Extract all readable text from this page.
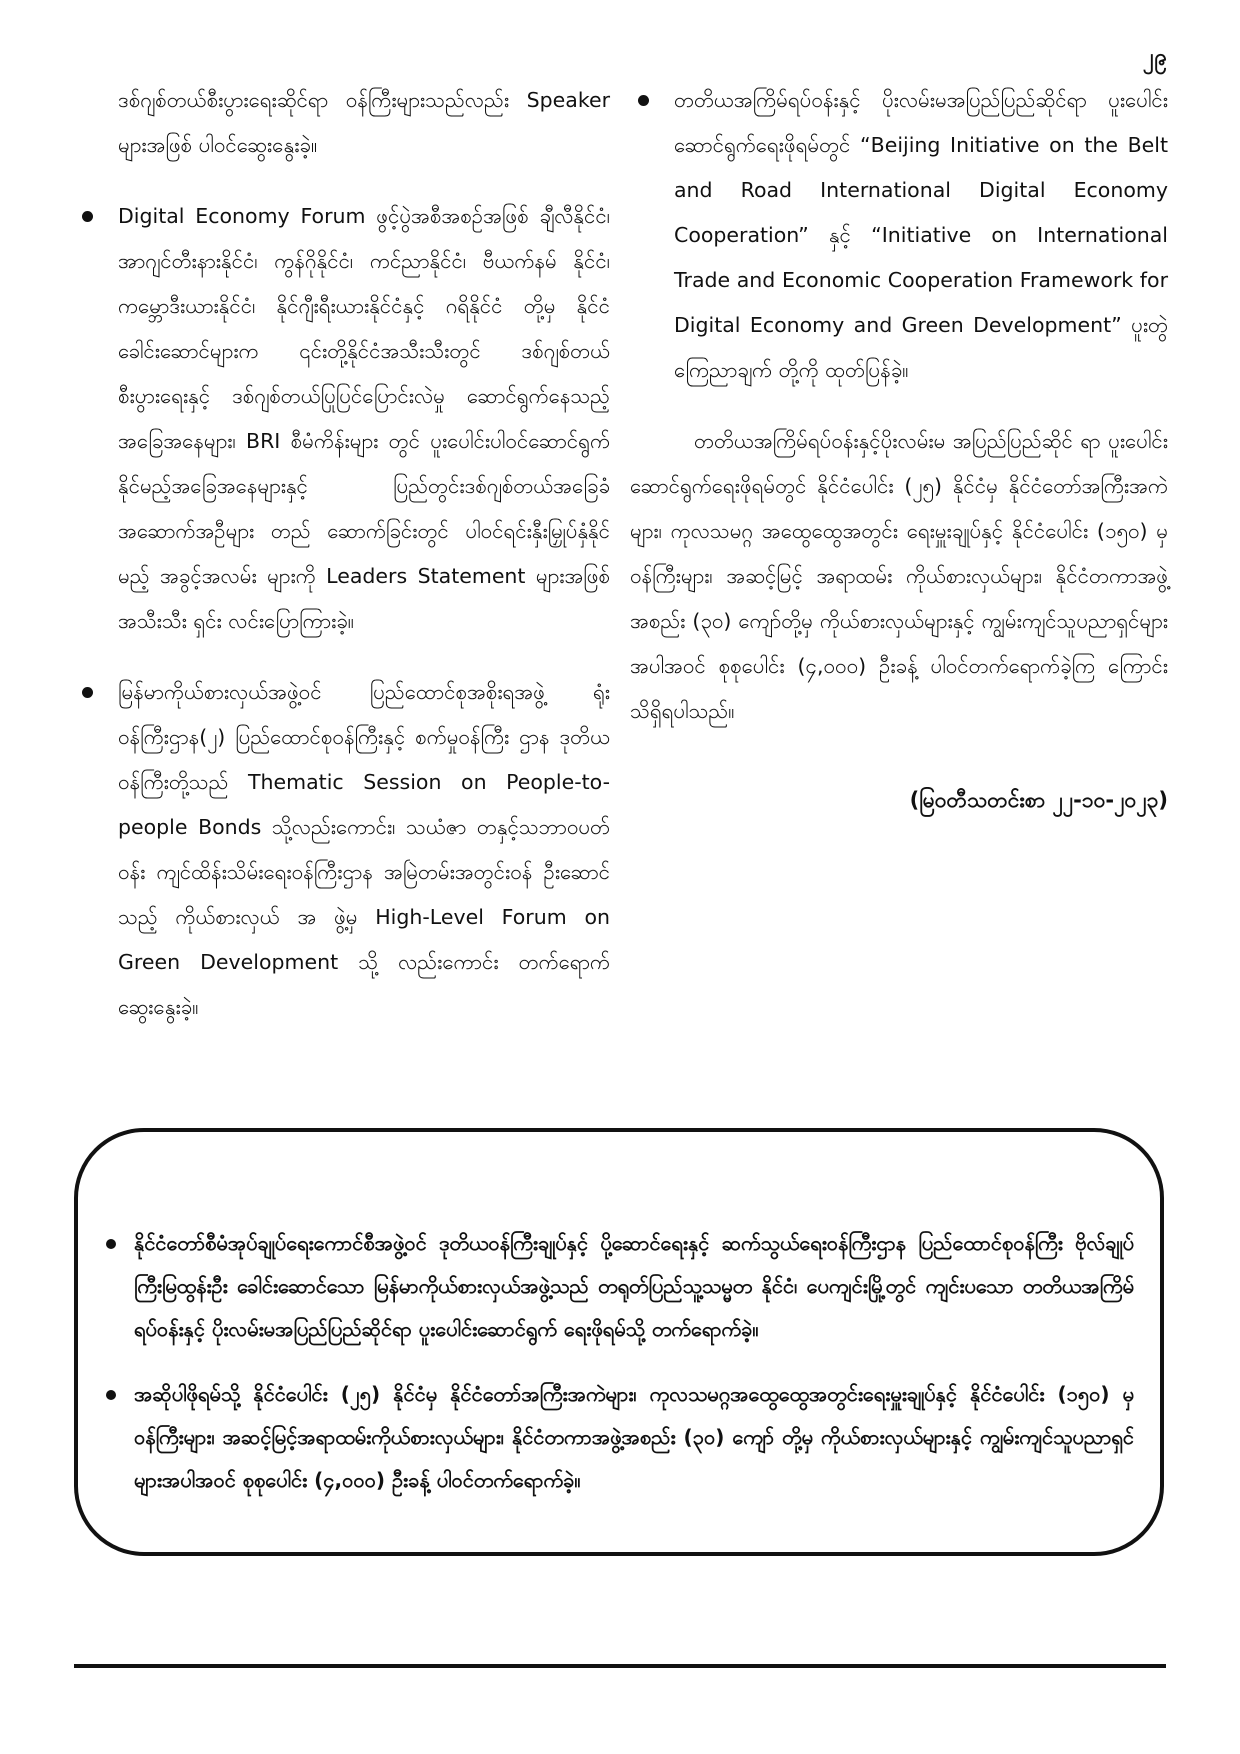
၂၉

ဒစ်ဂျစ်တယ်စီးပွားရေးဆိုင်ရာ ဝန်ကြီးများသည်လည်း Speaker များအဖြစ် ပါဝင်ဆွေးနွေးခဲ့။

Digital Economy Forum ဖွင့်ပွဲအစီအစဉ်အဖြစ် ချီလီနိုင်ငံ၊ အာဂျင်တီးနားနိုင်ငံ၊ ကွန်ဂိုနိုင်ငံ၊ ကင်ညာနိုင်ငံ၊ ဗီယက်နမ် နိုင်ငံ၊ ကမ္ဘောဒီးယားနိုင်ငံ၊ နိုင်ဂျီးရီးယားနိုင်ငံနှင့် ဂရိနိုင်ငံ တို့မှ နိုင်ငံခေါင်းဆောင်များက ၎င်းတို့နိုင်ငံအသီးသီးတွင် ဒစ်ဂျစ်တယ်စီးပွားရေးနှင့် ဒစ်ဂျစ်တယ်ပြုပြင်ပြောင်းလဲမှု ဆောင်ရွက်နေသည့် အခြေအနေများ၊ BRI စီမံကိန်းများ တွင် ပူးပေါင်းပါဝင်ဆောင်ရွက်နိုင်မည့်အခြေအနေများနှင့် ပြည်တွင်းဒစ်ဂျစ်တယ်အခြေခံအဆောက်အဦများ တည် ဆောက်ခြင်းတွင် ပါဝင်ရင်းနှီးမြှုပ်နှံနိုင်မည့် အခွင့်အလမ်း များကို Leaders Statement များအဖြစ် အသီးသီး ရှင်း လင်းပြောကြားခဲ့။
မြန်မာကိုယ်စားလှယ်အဖွဲ့ဝင် ပြည်ထောင်စုအစိုးရအဖွဲ့ ရုံးဝန်ကြီးဌာန(၂) ပြည်ထောင်စုဝန်ကြီးနှင့် စက်မှုဝန်ကြီး ဌာန ဒုတိယဝန်ကြီးတို့သည် Thematic Session on People-to-people Bonds သို့လည်းကောင်း၊ သယံဇာ တနှင့်သဘာဝပတ်ဝန်း ကျင်ထိန်းသိမ်းရေးဝန်ကြီးဌာန အမြဲတမ်းအတွင်းဝန် ဦးဆောင်သည့် ကိုယ်စားလှယ် အ ဖွဲ့မှ High-Level Forum on Green Development သို့ လည်းကောင်း တက်ရောက်ဆွေးနွေးခဲ့။
တတိယအကြိမ်ရပ်ဝန်းနှင့် ပိုးလမ်းမအပြည်ပြည်ဆိုင်ရာ ပူးပေါင်းဆောင်ရွက်ရေးဖိုရမ်တွင် “Beijing Initiative on the Belt and Road International Digital Economy Cooperation” နှင့် “Initiative on International Trade and Economic Cooperation Framework for Digital Economy and Green Development” ပူးတွဲကြေညာချက် တို့ကို ထုတ်ပြန်ခဲ့။

တတိယအကြိမ်ရပ်ဝန်းနှင့်ပိုးလမ်းမ အပြည်ပြည်ဆိုင် ရာ ပူးပေါင်းဆောင်ရွက်ရေးဖိုရမ်တွင် နိုင်ငံပေါင်း (၂၅) နိုင်ငံမှ နိုင်ငံတော်အကြီးအကဲများ၊ ကုလသမဂ္ဂ အထွေထွေအတွင်း ရေးမှူးချုပ်နှင့် နိုင်ငံပေါင်း (၁၅၀) မှ ဝန်ကြီးများ၊ အဆင့်မြင့် အရာထမ်း ကိုယ်စားလှယ်များ၊ နိုင်ငံတကာအဖွဲ့အစည်း (၃၀) ကျော်တို့မှ ကိုယ်စားလှယ်များနှင့် ကျွမ်းကျင်သူပညာရှင်များ အပါအဝင် စုစုပေါင်း (၄,၀၀၀) ဦးခန့် ပါဝင်တက်ရောက်ခဲ့ကြ ကြောင်း သိရှိရပါသည်။

(မြဝတီသတင်းစာ ၂၂-၁၀-၂၀၂၃)
နိုင်ငံတော်စီမံအုပ်ချုပ်ရေးကောင်စီအဖွဲ့ဝင် ဒုတိယဝန်ကြီးချုပ်နှင့် ပို့ဆောင်ရေးနှင့် ဆက်သွယ်ရေးဝန်ကြီးဌာန ပြည်ထောင်စုဝန်ကြီး ဗိုလ်ချုပ်ကြီးမြထွန်းဦး ခေါင်းဆောင်သော မြန်မာကိုယ်စားလှယ်အဖွဲ့သည် တရုတ်ပြည်သူ့သမ္မတ နိုင်ငံ၊ ပေကျင်းမြို့တွင် ကျင်းပသော တတိယအကြိမ်ရပ်ဝန်းနှင့် ပိုးလမ်းမအပြည်ပြည်ဆိုင်ရာ ပူးပေါင်းဆောင်ရွက် ရေးဖိုရမ်သို့ တက်ရောက်ခဲ့။
အဆိုပါဖိုရမ်သို့ နိုင်ငံပေါင်း (၂၅) နိုင်ငံမှ နိုင်ငံတော်အကြီးအကဲများ၊ ကုလသမဂ္ဂအထွေထွေအတွင်းရေးမှူးချုပ်နှင့် နိုင်ငံပေါင်း (၁၅၀) မှ ဝန်ကြီးများ၊ အဆင့်မြင့်အရာထမ်းကိုယ်စားလှယ်များ၊ နိုင်ငံတကာအဖွဲ့အစည်း (၃၀) ကျော် တို့မှ ကိုယ်စားလှယ်များနှင့် ကျွမ်းကျင်သူပညာရှင်များအပါအဝင် စုစုပေါင်း (၄,၀၀၀) ဦးခန့် ပါဝင်တက်ရောက်ခဲ့။
